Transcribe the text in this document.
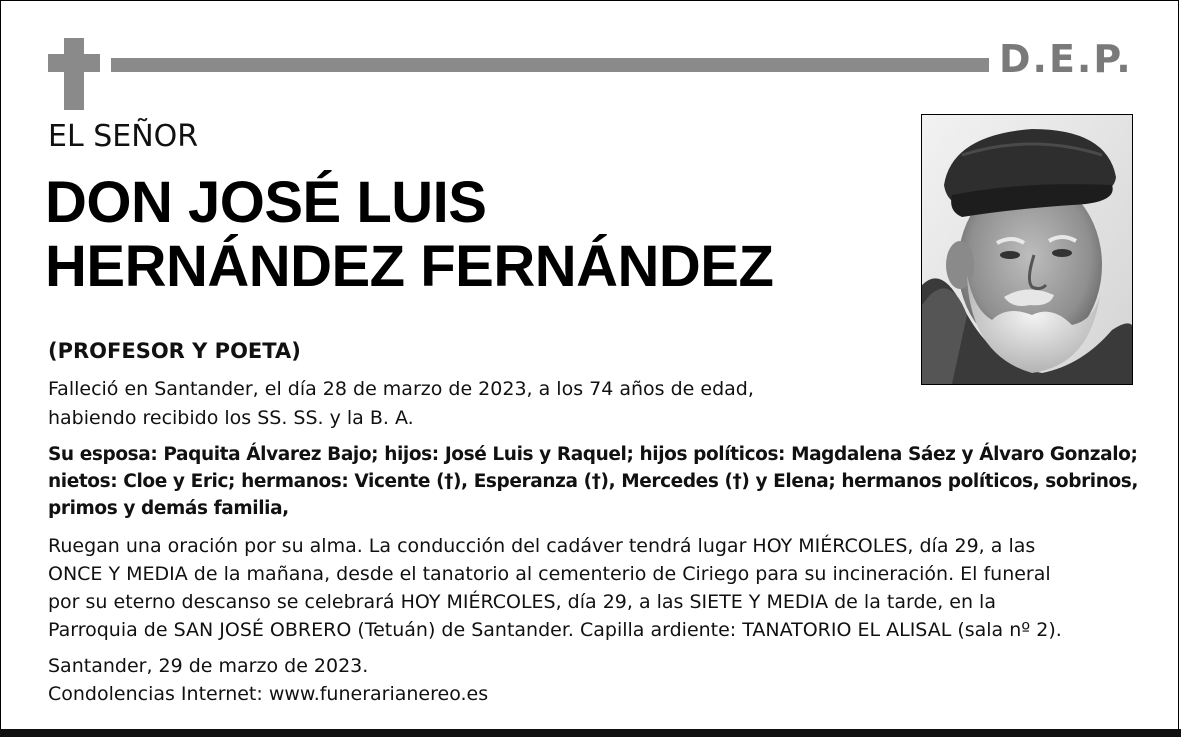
D.E.P.
EL SEÑOR
DON JOSÉ LUIS
HERNÁNDEZ FERNÁNDEZ
(PROFESOR Y POETA)
Falleció en Santander, el día 28 de marzo de 2023, a los 74 años de edad,
habiendo recibido los SS. SS. y la B. A.
Su esposa: Paquita Álvarez Bajo; hijos: José Luis y Raquel; hijos políticos: Magdalena Sáez y Álvaro Gonzalo;
nietos: Cloe y Eric; hermanos: Vicente (†), Esperanza (†), Mercedes (†) y Elena; hermanos políticos, sobrinos,
primos y demás familia,
Ruegan una oración por su alma. La conducción del cadáver tendrá lugar HOY MIÉRCOLES, día 29, a las
ONCE Y MEDIA de la mañana, desde el tanatorio al cementerio de Ciriego para su incineración. El funeral
por su eterno descanso se celebrará HOY MIÉRCOLES, día 29, a las SIETE Y MEDIA de la tarde, en la
Parroquia de SAN JOSÉ OBRERO (Tetuán) de Santander. Capilla ardiente: TANATORIO EL ALISAL (sala nº 2).
Santander, 29 de marzo de 2023.
Condolencias Internet: www.funerarianereo.es
